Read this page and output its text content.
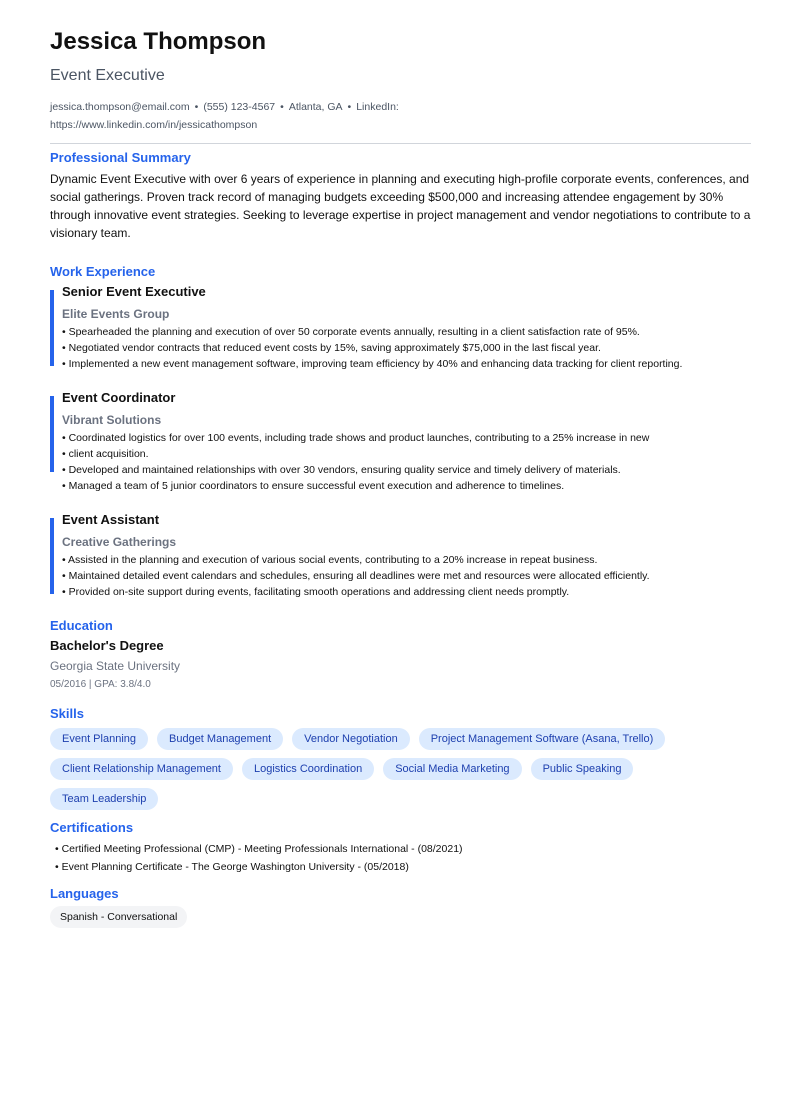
Jessica Thompson
Event Executive
jessica.thompson@email.com • (555) 123-4567 • Atlanta, GA • LinkedIn:
https://www.linkedin.com/in/jessicathompson
Professional Summary
Dynamic Event Executive with over 6 years of experience in planning and executing high-profile corporate events, conferences, and social gatherings. Proven track record of managing budgets exceeding $500,000 and increasing attendee engagement by 30% through innovative event strategies. Seeking to leverage expertise in project management and vendor negotiations to contribute to a visionary team.
Work Experience
Senior Event Executive
Elite Events Group
• Spearheaded the planning and execution of over 50 corporate events annually, resulting in a client satisfaction rate of 95%.
• Negotiated vendor contracts that reduced event costs by 15%, saving approximately $75,000 in the last fiscal year.
• Implemented a new event management software, improving team efficiency by 40% and enhancing data tracking for client reporting.
Event Coordinator
Vibrant Solutions
• Coordinated logistics for over 100 events, including trade shows and product launches, contributing to a 25% increase in new
• client acquisition.
• Developed and maintained relationships with over 30 vendors, ensuring quality service and timely delivery of materials.
• Managed a team of 5 junior coordinators to ensure successful event execution and adherence to timelines.
Event Assistant
Creative Gatherings
• Assisted in the planning and execution of various social events, contributing to a 20% increase in repeat business.
• Maintained detailed event calendars and schedules, ensuring all deadlines were met and resources were allocated efficiently.
• Provided on-site support during events, facilitating smooth operations and addressing client needs promptly.
Education
Bachelor's Degree
Georgia State University
05/2016 | GPA: 3.8/4.0
Skills
Event Planning	Budget Management	Vendor Negotiation	Project Management Software (Asana, Trello)
Client Relationship Management	Logistics Coordination	Social Media Marketing	Public Speaking
Team Leadership
Certifications
• Certified Meeting Professional (CMP) - Meeting Professionals International - (08/2021)
• Event Planning Certificate - The George Washington University - (05/2018)
Languages
Spanish - Conversational
